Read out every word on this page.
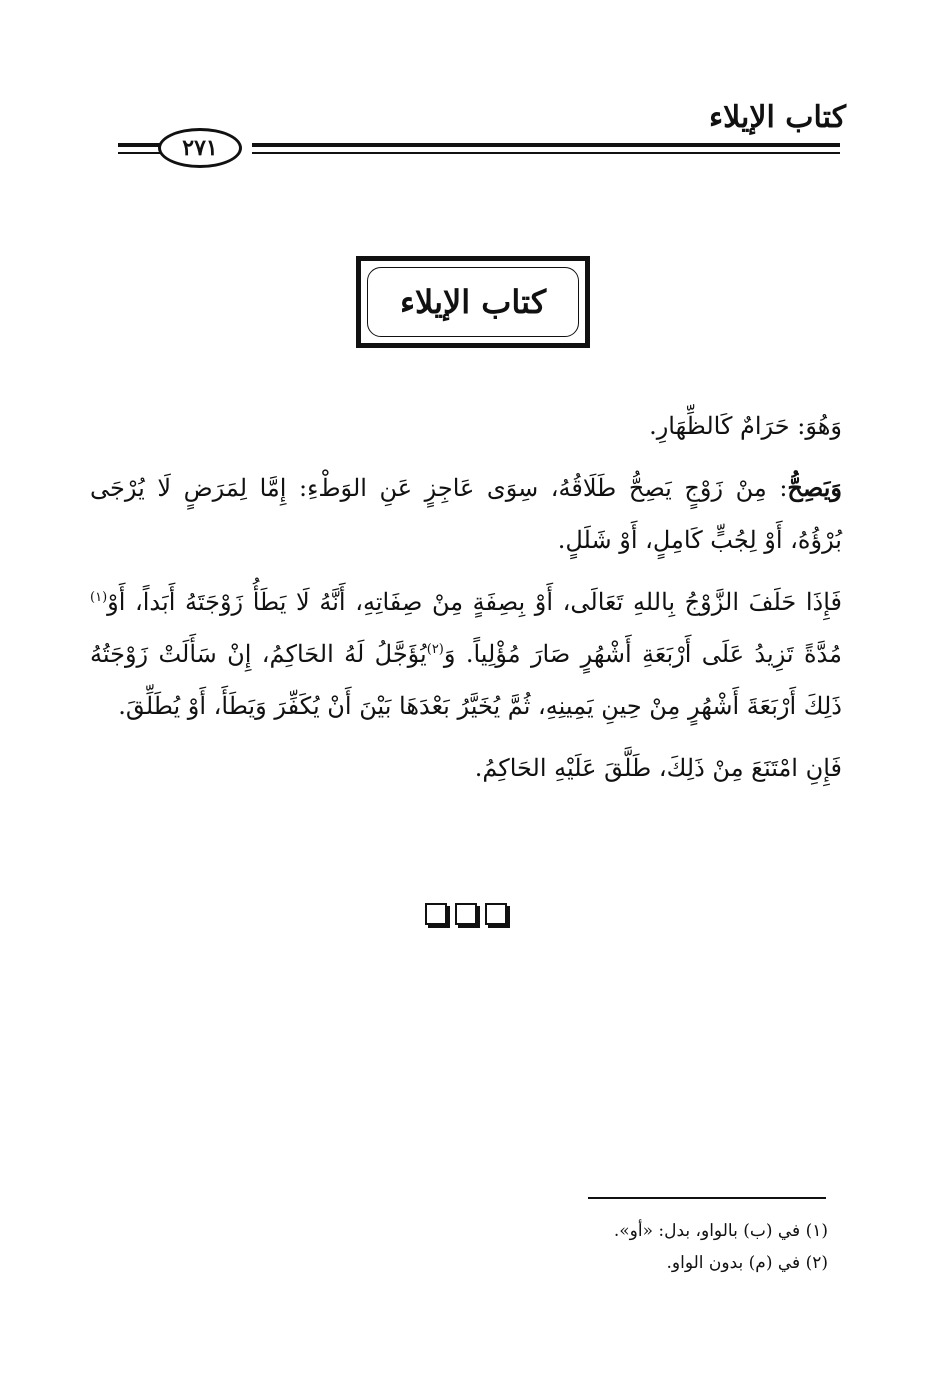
كتاب الإيلاء
٢٧١
كتاب الإيلاء

وَهُوَ: حَرَامٌ كَالظِّهَارِ.

وَيَصِحُّ: مِنْ زَوْجٍ يَصِحُّ طَلَاقُهُ، سِوَى عَاجِزٍ عَنِ الوَطْءِ: إِمَّا لِمَرَضٍ لَا يُرْجَى بُرْؤُهُ، أَوْ لِجُبٍّ كَامِلٍ، أَوْ شَلَلٍ.

فَإِذَا حَلَفَ الزَّوْجُ بِاللهِ تَعَالَى، أَوْ بِصِفَةٍ مِنْ صِفَاتِهِ، أَنَّهُ لَا يَطَأُ زَوْجَتَهُ أَبَداً، أَوْ$^{(١)}$ مُدَّةً تَزِيدُ عَلَى أَرْبَعَةِ أَشْهُرٍ صَارَ مُؤْلِياً. وَ$^{(٢)}$يُؤَجَّلُ لَهُ الحَاكِمُ، إِنْ سَأَلَتْ زَوْجَتُهُ ذَلِكَ أَرْبَعَةَ أَشْهُرٍ مِنْ حِينِ يَمِينِهِ، ثُمَّ يُخَيَّرُ بَعْدَهَا بَيْنَ أَنْ يُكَفِّرَ وَيَطَأَ، أَوْ يُطَلِّقَ.

فَإِنِ امْتَنَعَ مِنْ ذَلِكَ، طَلَّقَ عَلَيْهِ الحَاكِمُ.

(١) في (ب) بالواو، بدل: «أو».
(٢) في (م) بدون الواو.
